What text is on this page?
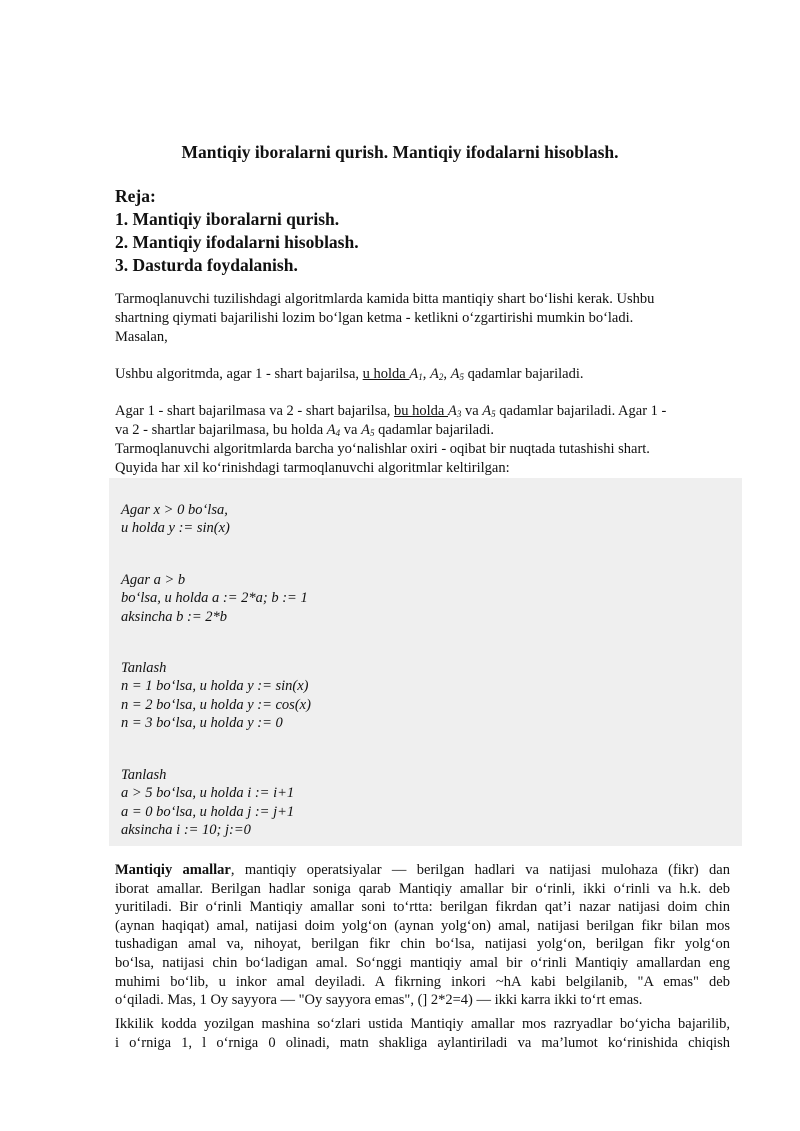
Mantiqiy iboralarni qurish. Mantiqiy ifodalarni hisoblash.
Reja:
1. Mantiqiy iboralarni qurish.
2. Mantiqiy ifodalarni hisoblash.
3. Dasturda foydalanish.
Tarmoqlanuvchi tuzilishdagi algoritmlarda kamida bitta mantiqiy shart bo‘lishi kerak. Ushbu
shartning qiymati bajarilishi lozim bo‘lgan ketma - ketlikni o‘zgartirishi mumkin bo‘ladi.
Masalan,
Ushbu algoritmda, agar 1 - shart bajarilsa, u holda $A_1$, $A_2$, $A_5$ qadamlar bajariladi.
Agar 1 - shart bajarilmasa va 2 - shart bajarilsa, bu holda $A_3$ va $A_5$ qadamlar bajariladi. Agar 1 -
va 2 - shartlar bajarilmasa, bu holda $A_4$ va $A_5$ qadamlar bajariladi.
Tarmoqlanuvchi algoritmlarda barcha yo‘nalishlar oxiri - oqibat bir nuqtada tutashishi shart.
Quyida har xil ko‘rinishdagi tarmoqlanuvchi algoritmlar keltirilgan:
Agar x > 0 bo‘lsa,
u holda y := sin(x)
Agar a > b
bo‘lsa, u holda a := 2*a; b := 1
aksincha b := 2*b
Tanlash
n = 1 bo‘lsa, u holda y := sin(x)
n = 2 bo‘lsa, u holda y := cos(x)
n = 3 bo‘lsa, u holda y := 0
Tanlash
a > 5 bo‘lsa, u holda i := i+1
a = 0 bo‘lsa, u holda j := j+1
aksincha i := 10; j:=0
Mantiqiy amallar, mantiqiy operatsiyalar — berilgan hadlari va natijasi mulohaza (fikr) dan
iborat amallar. Berilgan hadlar soniga qarab Mantiqiy amallar bir o‘rinli, ikki o‘rinli va h.k. deb
yuritiladi. Bir o‘rinli Mantiqiy amallar soni to‘rtta: berilgan fikrdan qat’i nazar natijasi doim chin
(aynan haqiqat) amal, natijasi doim yolg‘on (aynan yolg‘on) amal, natijasi berilgan fikr bilan mos
tushadigan amal va, nihoyat, berilgan fikr chin bo‘lsa, natijasi yolg‘on, berilgan fikr yolg‘on
bo‘lsa, natijasi chin bo‘ladigan amal. So‘nggi mantiqiy amal bir o‘rinli Mantiqiy amallardan eng
muhimi bo‘lib, u inkor amal deyiladi. A fikrning inkori ~hA kabi belgilanib, "A emas" deb
o‘qiladi. Mas, 1 Oy sayyora — "Oy sayyora emas", (] 2*2=4) — ikki karra ikki to‘rt emas.
Ikkilik kodda yozilgan mashina so‘zlari ustida Mantiqiy amallar mos razryadlar bo‘yicha bajarilib,
i o‘rniga 1, l o‘rniga 0 olinadi, matn shakliga aylantiriladi va ma’lumot ko‘rinishida chiqish
